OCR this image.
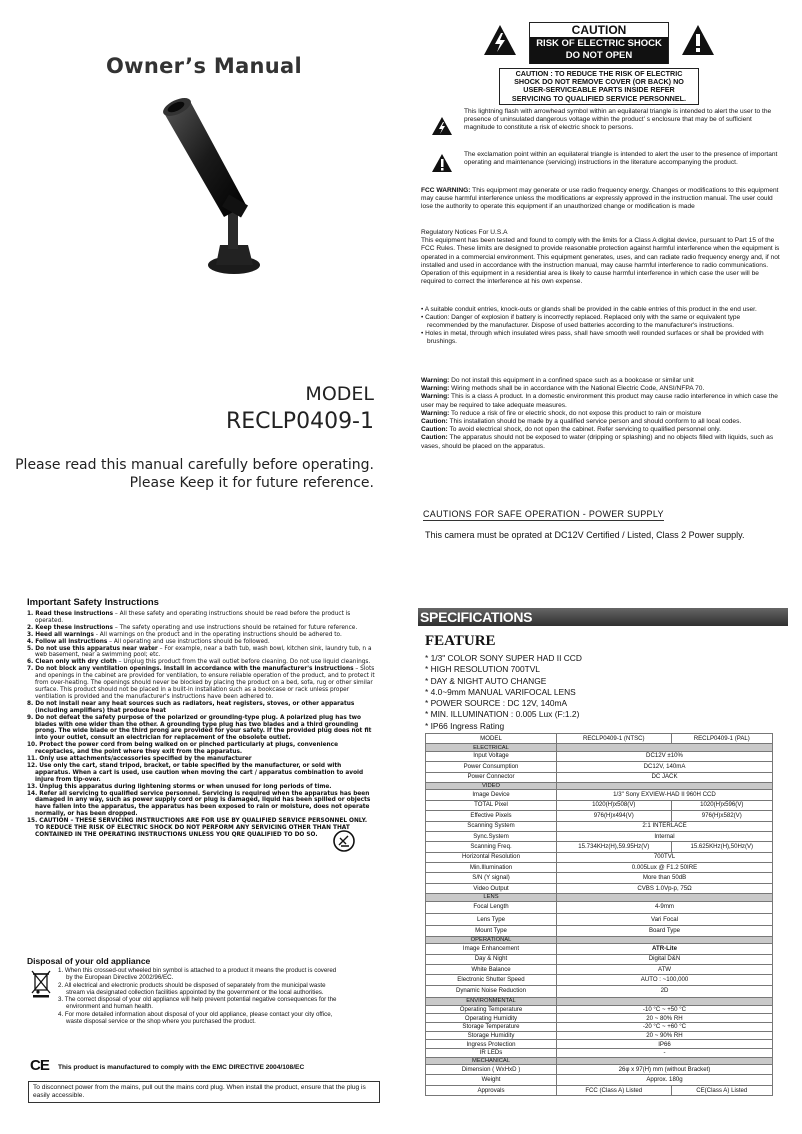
Owner’s Manual
MODEL
RECLP0409-1
Please read this manual carefully before operating.
Please Keep it for future reference.
CAUTION
RISK OF ELECTRIC SHOCK
DO NOT OPEN
CAUTION : TO REDUCE THE RISK OF ELECTRIC SHOCK DO NOT REMOVE COVER (OR BACK) NO USER-SERVICEABLE PARTS INSIDE REFER SERVICING TO QUALIFIED SERVICE PERSONNEL.
This lightning flash with arrowhead symbol within an equilateral triangle is intended to alert the user to the presence of uninsulated dangerous voltage within the product' s enclosure that may be of sufficient magnitude to constitute a risk of electric shock to persons.
The exclamation point within an equilateral triangle is intended to alert the user to the presence of important operating and maintenance (servicing) instructions in the literature accompanying the product.
FCC WARNING: This equipment may generate or use radio frequency energy. Changes or modifications to this equipment may cause harmful interference unless the modifications ar expressly approved in the instruction manual. The user could lose the authority to operate this equipment if an unauthorized change or modification is made
Regulatory Notices For U.S.A
This equipment has been tested and found to comply with the limits for a Class A digital device, pursuant to Part 15 of the FCC Rules. These limits are designed to provide reasonable protection against harmful interference when the equipment is operated in a commercial environment. This equipment generates, uses, and can radiate radio frequency energy and, if not installed and used in accordance with the instruction manual, may cause harmful interference to radio communications. Operation of this equipment in a residential area is likely to cause harmful interference in which case the user will be required to correct the interference at his own expense.
• A suitable conduit entries, knock-outs or glands shall be provided in the cable entries of this product in the end user.
• Caution: Danger of explosion if battery is incorrectly replaced. Replaced only with the same or equivalent type recommended by the manufacturer. Dispose of used batteries according to the manufacturer's instructions.
• Holes in metal, through which insulated wires pass, shall have smooth well rounded surfaces or shall be provided with brushings.
Warning: Do not install this equipment in a confined space such as a bookcase or similar unit
Warning: Wiring methods shall be in accordance with the National Electric Code, ANSI/NFPA 70.
Warning: This is a class A product. In a domestic environment this product may cause radio interference in which case the user may be required to take adequate measures.
Warning: To reduce a risk of fire or electric shock, do not expose this product to rain or moisture
Caution: This installation should be made by a qualified service person and should conform to all local codes.
Caution: To avoid electrical shock, do not open the cabinet. Refer servicing to qualified personnel only.
Caution: The apparatus should not be exposed to water (dripping or splashing) and no objects filled with liquids, such as vases, should be placed on the apparatus.
CAUTIONS FOR SAFE OPERATION - POWER SUPPLY
This camera must be oprated at DC12V Certified / Listed, Class 2 Power supply.
Important Safety Instructions
1. Read these instructions – All these safety and operating instructions should be read before the product is operated.
2. Keep these instructions – The safety operating and use instructions should be retained for future reference.
3. Heed all warnings - All warnings on the product and in the operating instructions should be adhered to.
4. Follow all instructions – All operating and use instructions should be followed.
5. Do not use this apparatus near water – For example, near a bath tub, wash bowl, kitchen sink, laundry tub, n a web basement, near a swimming pool; etc.
6. Clean only with dry cloth – Unplug this product from the wall outlet before cleaning. Do not use liquid cleanings.
7. Do not block any ventilation openings. Install in accordance with the manufacturer's instructions – Slots and openings in the cabinet are provided for ventilation, to ensure reliable operation of the product, and to protect it from over-heating. The openings should never be blocked by placing the product on a bed, sofa, rug or other similar surface. This product should not be placed in a built-in installation such as a bookcase or rack unless proper ventilation is provided and the manufacturer's instructions have been adhered to.
8. Do not install near any heat sources such as radiators, heat registers, stoves, or other apparatus (including amplifiers) that produce heat
9. Do not defeat the safety purpose of the polarized or grounding-type plug. A polarized plug has two blades with one wider than the other. A grounding type plug has two blades and a third grounding prong. The wide blade or the third prong are provided for your safety. If the provided plug does not fit into your outlet, consult an electrician for replacement of the obsolete outlet.
10. Protect the power cord from being walked on or pinched particularly at plugs, convenience receptacles, and the point where they exit from the apparatus.
11. Only use attachments/accessories specified by the manufacturer
12. Use only the cart, stand tripod, bracket, or table specified by the manufacturer, or sold with apparatus. When a cart is used, use caution when moving the cart / apparatus combination to avoid injure from tip-over.
13. Unplug this apparatus during lightening storms or when unused for long periods of time.
14. Refer all servicing to qualified service personnel. Servicing is required when the apparatus has been damaged in any way, such as power supply cord or plug is damaged, liquid has been spilled or objects have fallen into the apparatus, the apparatus has been exposed to rain or moisture, does not operate normally, or has been dropped.
15. CAUTION – THESE SERVICING INSTRUCTIONS ARE FOR USE BY QUALIFIED SERVICE PERSONNEL ONLY. TO REDUCE THE RISK OF ELECTRIC SHOCK DO NOT PERFORM ANY SERVICING OTHER THAN THAT CONTAINED IN THE OPERATING INSTRUCTIONS UNLESS YOU QRE QUALIFIED TO DO SO.
Disposal of your old appliance
1. When this crossed-out wheeled bin symbol is attached to a product it means the product is covered by the European Directive 2002/96/EC.
2. All electrical and electronic products should be disposed of separately from the municipal waste stream via designated collection facilities appointed by the government or the local authorities.
3. The correct disposal of your old appliance will help prevent potential negative consequences for the environment and human health.
4. For more detailed information about disposal of your old appliance, please contact your city office, waste disposal service or the shop where you purchased the product.
CE This product is manufactured to comply with the EMC DIRECTIVE 2004/108/EC
To disconnect power from the mains, pull out the mains cord plug. When install the product, ensure that the plug is easily accessible.
SPECIFICATIONS
FEATURE
* 1/3" COLOR SONY SUPER HAD II CCD
* HIGH RESOLUTION 700TVL
* DAY & NIGHT AUTO CHANGE
* 4.0~9mm MANUAL VARIFOCAL LENS
* POWER SOURCE : DC 12V, 140mA
* MIN. ILLUMINATION : 0.005 Lux (F:1.2)
* IP66 Ingress Rating
MODEL	RECLP0409-1 (NTSC)	RECLP0409-1 (PAL)
ELECTRICAL		
Input Voltage	DC12V ±10%	
Power Consumption	DC12V, 140mA	
Power Connector	DC JACK	
VIDEO		
Image Device	1/3" Sony EXVIEW-HAD II 960H CCD	
TOTAL Pixel	1020(H)x508(V)	1020(H)x596(V)
Effective Pixels	976(H)x494(V)	976(H)x582(V)
Scanning System	2:1 INTERLACE	
Sync.System	Internal	
Scanning Freq.	15.734KHz(H),59.95Hz(V)	15.625KHz(H),50Hz(V)
Horizontal Resolution	700TVL	
Min.Illumination	0.005Lux @ F1.2 50IRE	
S/N (Y signal)	More than 50dB	
Video Output	CVBS 1.0Vp-p, 75Ω	
LENS		
Focal Length	4-9mm	
Lens Type	Vari Focal	
Mount Type	Board Type	
OPERATIONAL		
Image Enhancement	ATR-Lite	
Day & Night	Digital D&N	
White Balance	ATW	
Electronic Shutter Speed	AUTO : ~100,000	
Dynamic Noise Reduction	2D	
ENVIRONMENTAL		
Operating Temperature	-10 °C ~ +50 °C	
Operating Humidity	20 ~ 80% RH	
Storage Temperature	-20 °C ~ +60 °C	
Storage Humidity	20 ~ 90% RH	
Ingress Protection	IP66	
IR LEDs	-	
MECHANICAL		
Dimension ( WxHxD )	26φ x 97(H) mm (without Bracket)	
Weight	Approx. 180g	
Approvals	FCC (Class A) Listed	CE(Class A) Listed
